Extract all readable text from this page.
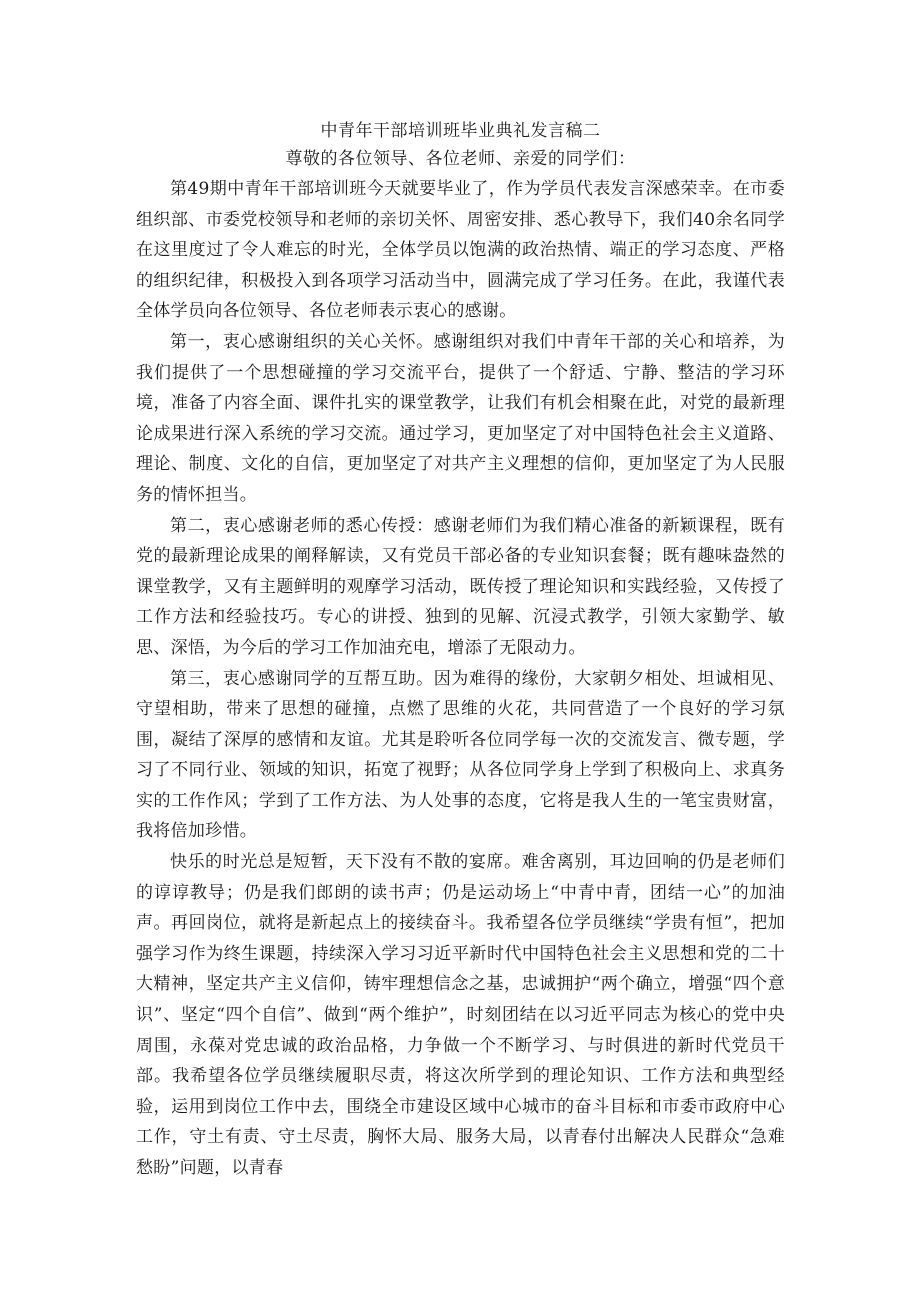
中青年干部培训班毕业典礼发言稿二

尊敬的各位领导、各位老师、亲爱的同学们：

第49期中青年干部培训班今天就要毕业了，作为学员代表发言深感荣幸。在市委组织部、市委党校领导和老师的亲切关怀、周密安排、悉心教导下，我们40余名同学在这里度过了令人难忘的时光，全体学员以饱满的政治热情、端正的学习态度、严格的组织纪律，积极投入到各项学习活动当中，圆满完成了学习任务。在此，我谨代表全体学员向各位领导、各位老师表示衷心的感谢。

第一，衷心感谢组织的关心关怀。感谢组织对我们中青年干部的关心和培养，为我们提供了一个思想碰撞的学习交流平台，提供了一个舒适、宁静、整洁的学习环境，准备了内容全面、课件扎实的课堂教学，让我们有机会相聚在此，对党的最新理论成果进行深入系统的学习交流。通过学习，更加坚定了对中国特色社会主义道路、理论、制度、文化的自信，更加坚定了对共产主义理想的信仰，更加坚定了为人民服务的情怀担当。

第二，衷心感谢老师的悉心传授：感谢老师们为我们精心准备的新颖课程，既有党的最新理论成果的阐释解读，又有党员干部必备的专业知识套餐；既有趣味盎然的课堂教学，又有主题鲜明的观摩学习活动，既传授了理论知识和实践经验，又传授了工作方法和经验技巧。专心的讲授、独到的见解、沉浸式教学，引领大家勤学、敏思、深悟，为今后的学习工作加油充电，增添了无限动力。

第三，衷心感谢同学的互帮互助。因为难得的缘份，大家朝夕相处、坦诚相见、守望相助，带来了思想的碰撞，点燃了思维的火花，共同营造了一个良好的学习氛围，凝结了深厚的感情和友谊。尤其是聆听各位同学每一次的交流发言、微专题，学习了不同行业、领域的知识，拓宽了视野；从各位同学身上学到了积极向上、求真务实的工作作风；学到了工作方法、为人处事的态度，它将是我人生的一笔宝贵财富，我将倍加珍惜。

快乐的时光总是短暂，天下没有不散的宴席。难舍离别，耳边回响的仍是老师们的谆谆教导；仍是我们郎朗的读书声；仍是运动场上“中青中青，团结一心”的加油声。再回岗位，就将是新起点上的接续奋斗。我希望各位学员继续“学贵有恒”，把加强学习作为终生课题，持续深入学习习近平新时代中国特色社会主义思想和党的二十大精神，坚定共产主义信仰，铸牢理想信念之基，忠诚拥护“两个确立，增强“四个意识”、坚定“四个自信”、做到“两个维护”，时刻团结在以习近平同志为核心的党中央周围，永葆对党忠诚的政治品格，力争做一个不断学习、与时俱进的新时代党员干部。我希望各位学员继续履职尽责，将这次所学到的理论知识、工作方法和典型经验，运用到岗位工作中去，围绕全市建设区域中心城市的奋斗目标和市委市政府中心工作，守土有责、守土尽责，胸怀大局、服务大局，以青春付出解决人民群众“急难愁盼”问题，以青春
